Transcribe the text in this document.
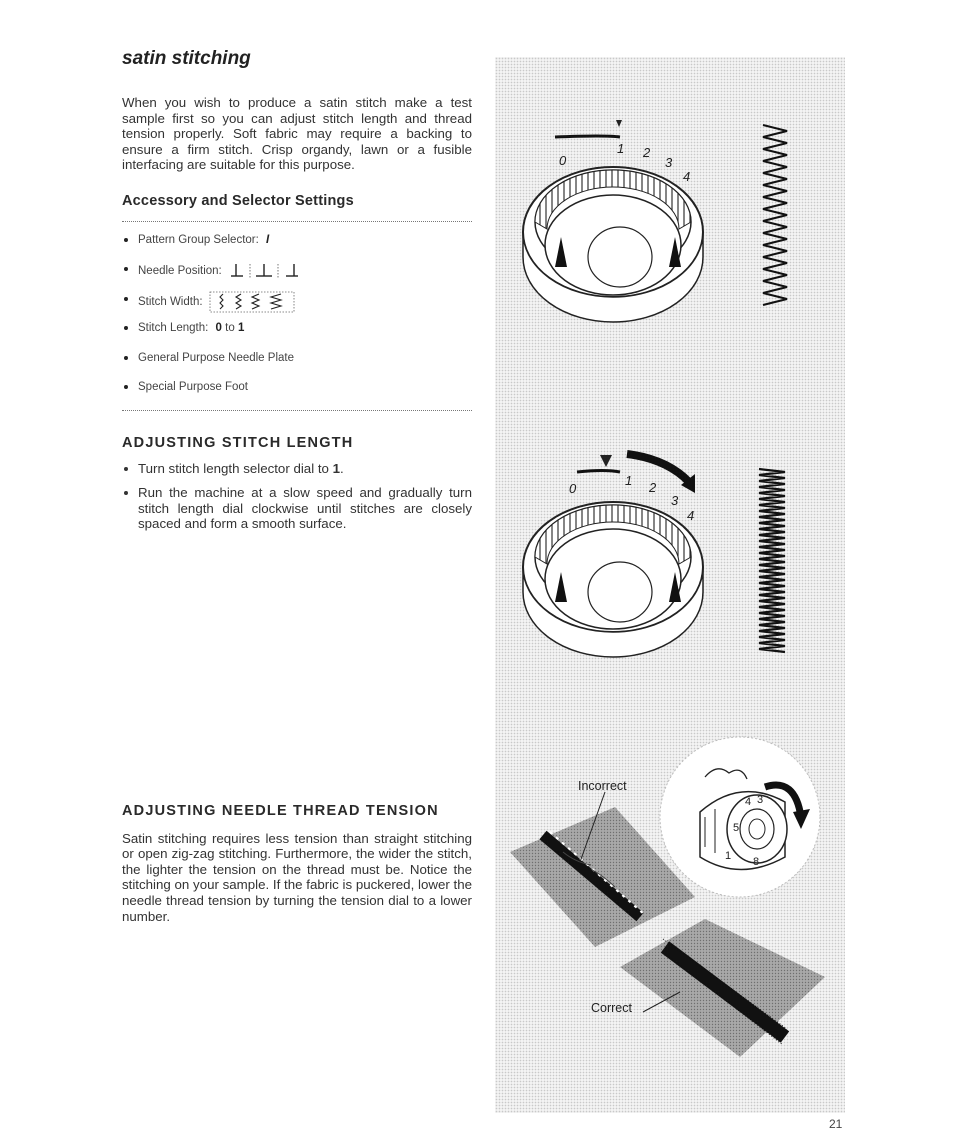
satin stitching

When you wish to produce a satin stitch make a test sample first so you can adjust stitch length and thread tension properly. Soft fabric may require a backing to ensure a firm stitch. Crisp organdy, lawn or a fusible interfacing are suitable for this purpose.

Accessory and Selector Settings
Pattern Group Selector: I
Needle Position:
Stitch Width:
Stitch Length: 0 to 1
General Purpose Needle Plate
Special Purpose Foot
ADJUSTING STITCH LENGTH
Turn stitch length selector dial to 1.
Run the machine at a slow speed and gradually turn stitch length dial clockwise until stitches are closely spaced and form a smooth surface.
ADJUSTING NEEDLE THREAD TENSION

Satin stitching requires less tension than straight stitching or open zig-zag stitching. Furthermore, the wider the stitch, the lighter the tension on the thread must be. Notice the stitching on your sample. If the fabric is puckered, lower the needle thread tension by turning the tension dial to a lower number.

0
1 2
3
4
0
1 2
3
4
4 3
5
1 8
Incorrect
Correct
21
